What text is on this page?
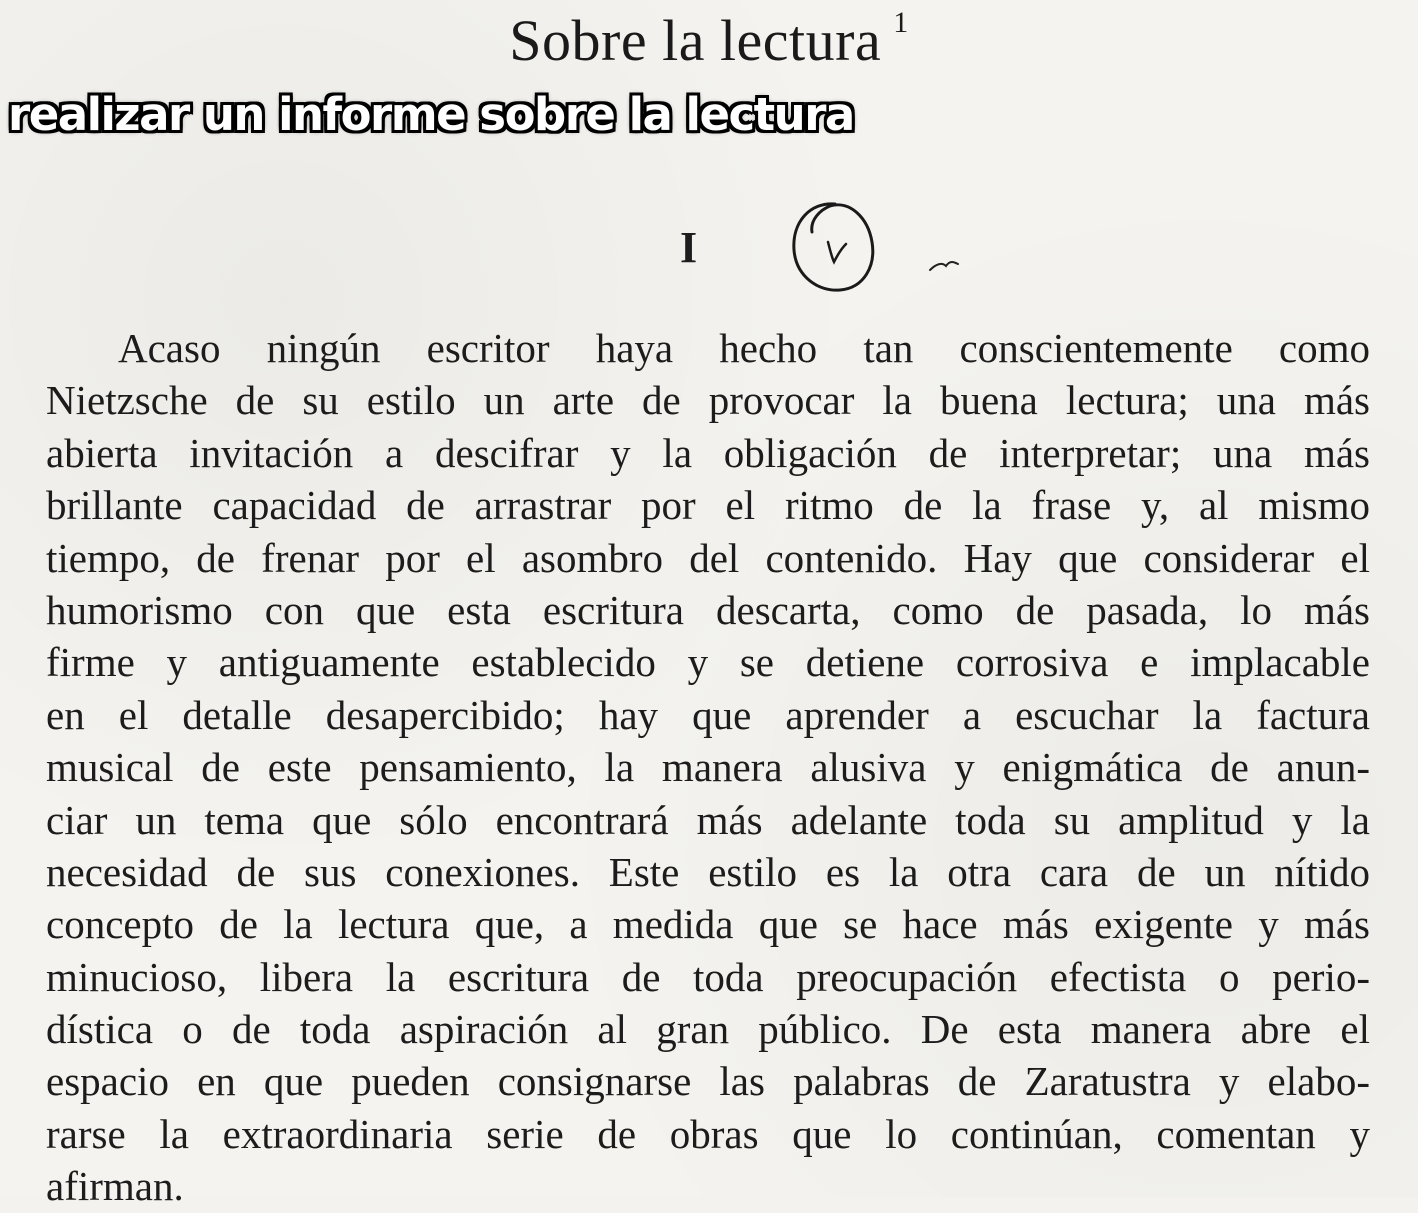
Sobre la lectura $^1$
realizar un informe sobre la lectura
I
Acaso ningún escritor haya hecho tan conscientemente como
Nietzsche de su estilo un arte de provocar la buena lectura; una más
abierta invitación a descifrar y la obligación de interpretar; una más
brillante capacidad de arrastrar por el ritmo de la frase y, al mismo
tiempo, de frenar por el asombro del contenido. Hay que considerar el
humorismo con que esta escritura descarta, como de pasada, lo más
firme y antiguamente establecido y se detiene corrosiva e implacable
en el detalle desapercibido; hay que aprender a escuchar la factura
musical de este pensamiento, la manera alusiva y enigmática de anun-
ciar un tema que sólo encontrará más adelante toda su amplitud y la
necesidad de sus conexiones. Este estilo es la otra cara de un nítido
concepto de la lectura que, a medida que se hace más exigente y más
minucioso, libera la escritura de toda preocupación efectista o perio-
dística o de toda aspiración al gran público. De esta manera abre el
espacio en que pueden consignarse las palabras de Zaratustra y elabo-
rarse la extraordinaria serie de obras que lo continúan, comentan y
afirman.
